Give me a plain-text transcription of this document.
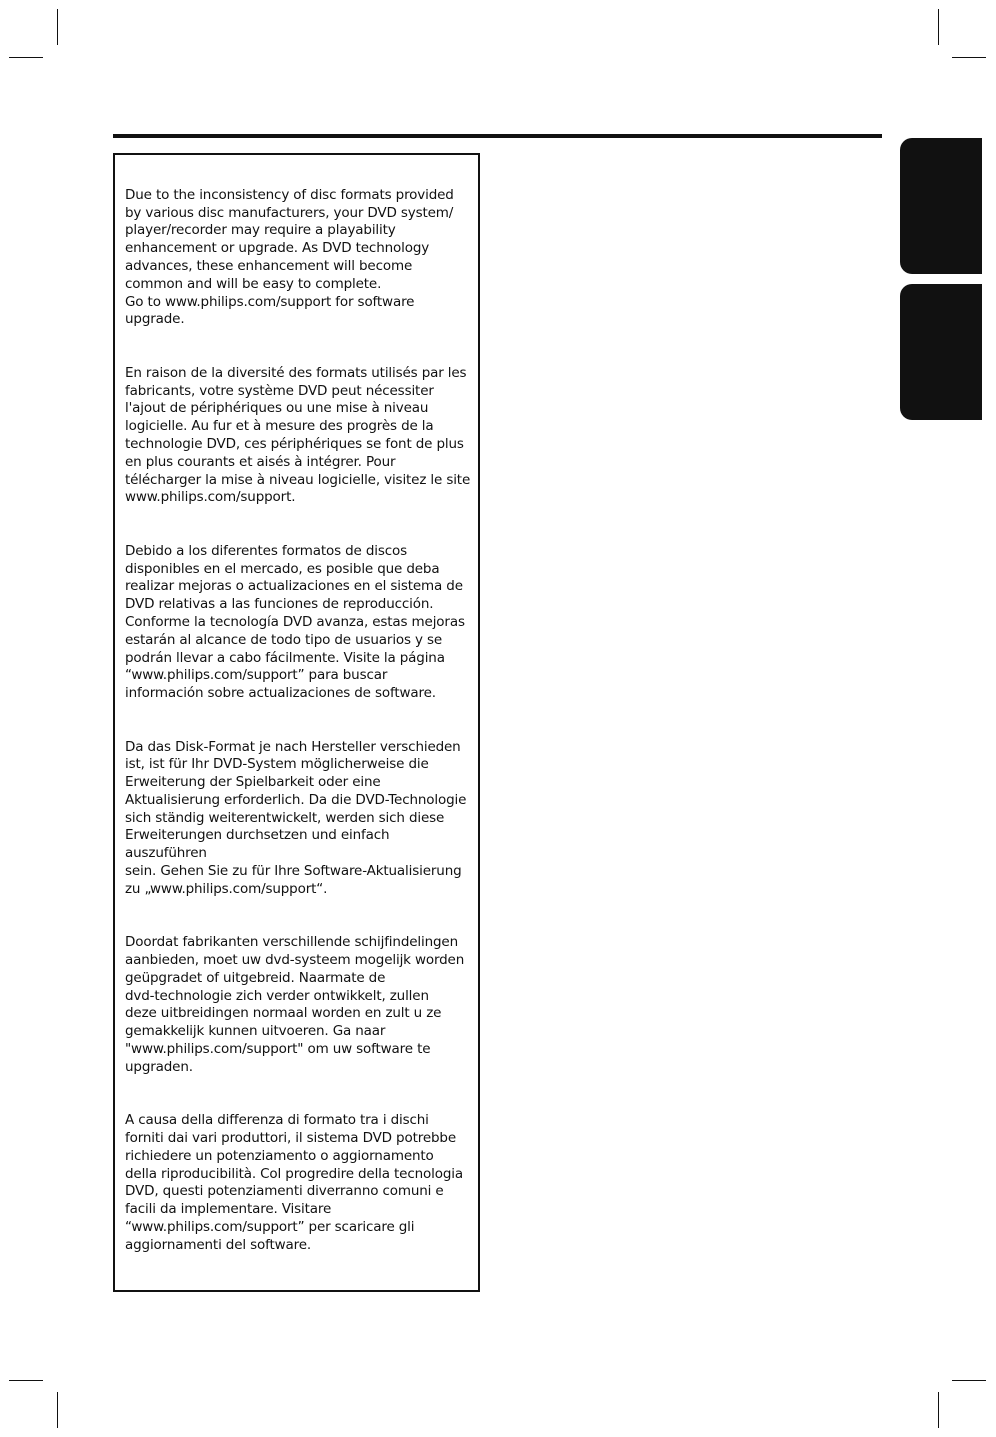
Due to the inconsistency of disc formats provided
by various disc manufacturers, your DVD system/
player/recorder may require a playability
enhancement or upgrade. As DVD technology
advances, these enhancement will become
common and will be easy to complete.
Go to www.philips.com/support for software upgrade.

En raison de la diversité des formats utilisés par les
fabricants, votre système DVD peut nécessiter
l'ajout de périphériques ou une mise à niveau
logicielle. Au fur et à mesure des progrès de la
technologie DVD, ces périphériques se font de plus
en plus courants et aisés à intégrer. Pour
télécharger la mise à niveau logicielle, visitez le site
www.philips.com/support.

Debido a los diferentes formatos de discos
disponibles en el mercado, es posible que deba
realizar mejoras o actualizaciones en el sistema de
DVD relativas a las funciones de reproducción.
Conforme la tecnología DVD avanza, estas mejoras
estarán al alcance de todo tipo de usuarios y se
podrán llevar a cabo fácilmente. Visite la página
“www.philips.com/support” para buscar
información sobre actualizaciones de software.

Da das Disk-Format je nach Hersteller verschieden
ist, ist für Ihr DVD-System möglicherweise die
Erweiterung der Spielbarkeit oder eine
Aktualisierung erforderlich. Da die DVD-Technologie
sich ständig weiterentwickelt, werden sich diese
Erweiterungen durchsetzen und einfach auszuführen
sein. Gehen Sie zu für Ihre Software-Aktualisierung
zu „www.philips.com/support“.

Doordat fabrikanten verschillende schijfindelingen
aanbieden, moet uw dvd-systeem mogelijk worden
geüpgradet of uitgebreid. Naarmate de
dvd-technologie zich verder ontwikkelt, zullen
deze uitbreidingen normaal worden en zult u ze
gemakkelijk kunnen uitvoeren. Ga naar
"www.philips.com/support" om uw software te
upgraden.

A causa della differenza di formato tra i dischi
forniti dai vari produttori, il sistema DVD potrebbe
richiedere un potenziamento o aggiornamento
della riproducibilità. Col progredire della tecnologia
DVD, questi potenziamenti diverranno comuni e
facili da implementare. Visitare
“www.philips.com/support” per scaricare gli
aggiornamenti del software.
